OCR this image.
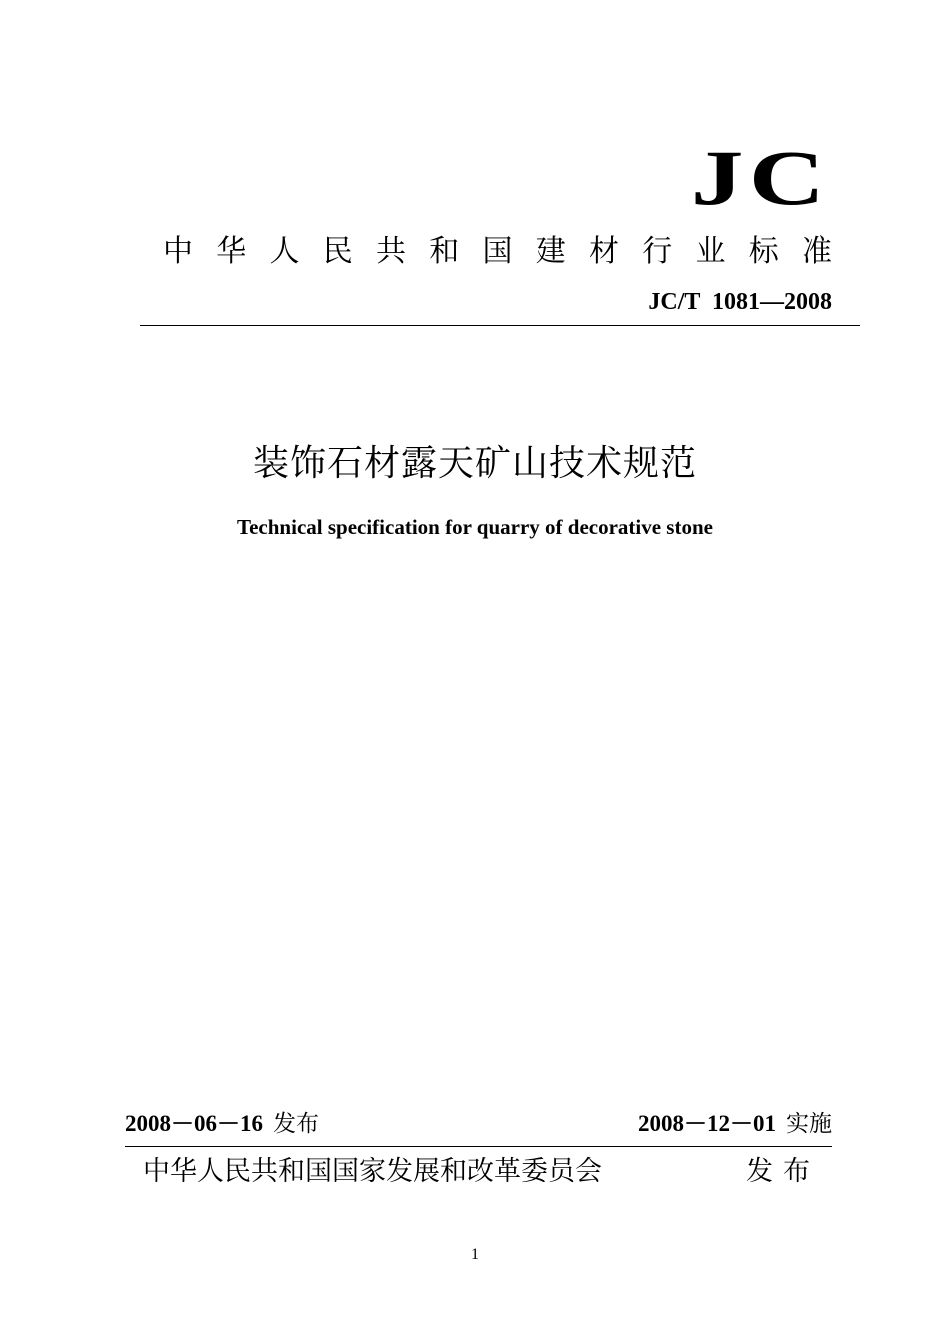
JC
中 华 人 民 共 和 国 建 材 行 业 标 准
JC/T  1081—2008
装饰石材露天矿山技术规范
Technical specification for quarry of decorative stone
2008－06－16 发布	2008－12－01 实施
中华人民共和国国家发展和改革委员会	发布
1
